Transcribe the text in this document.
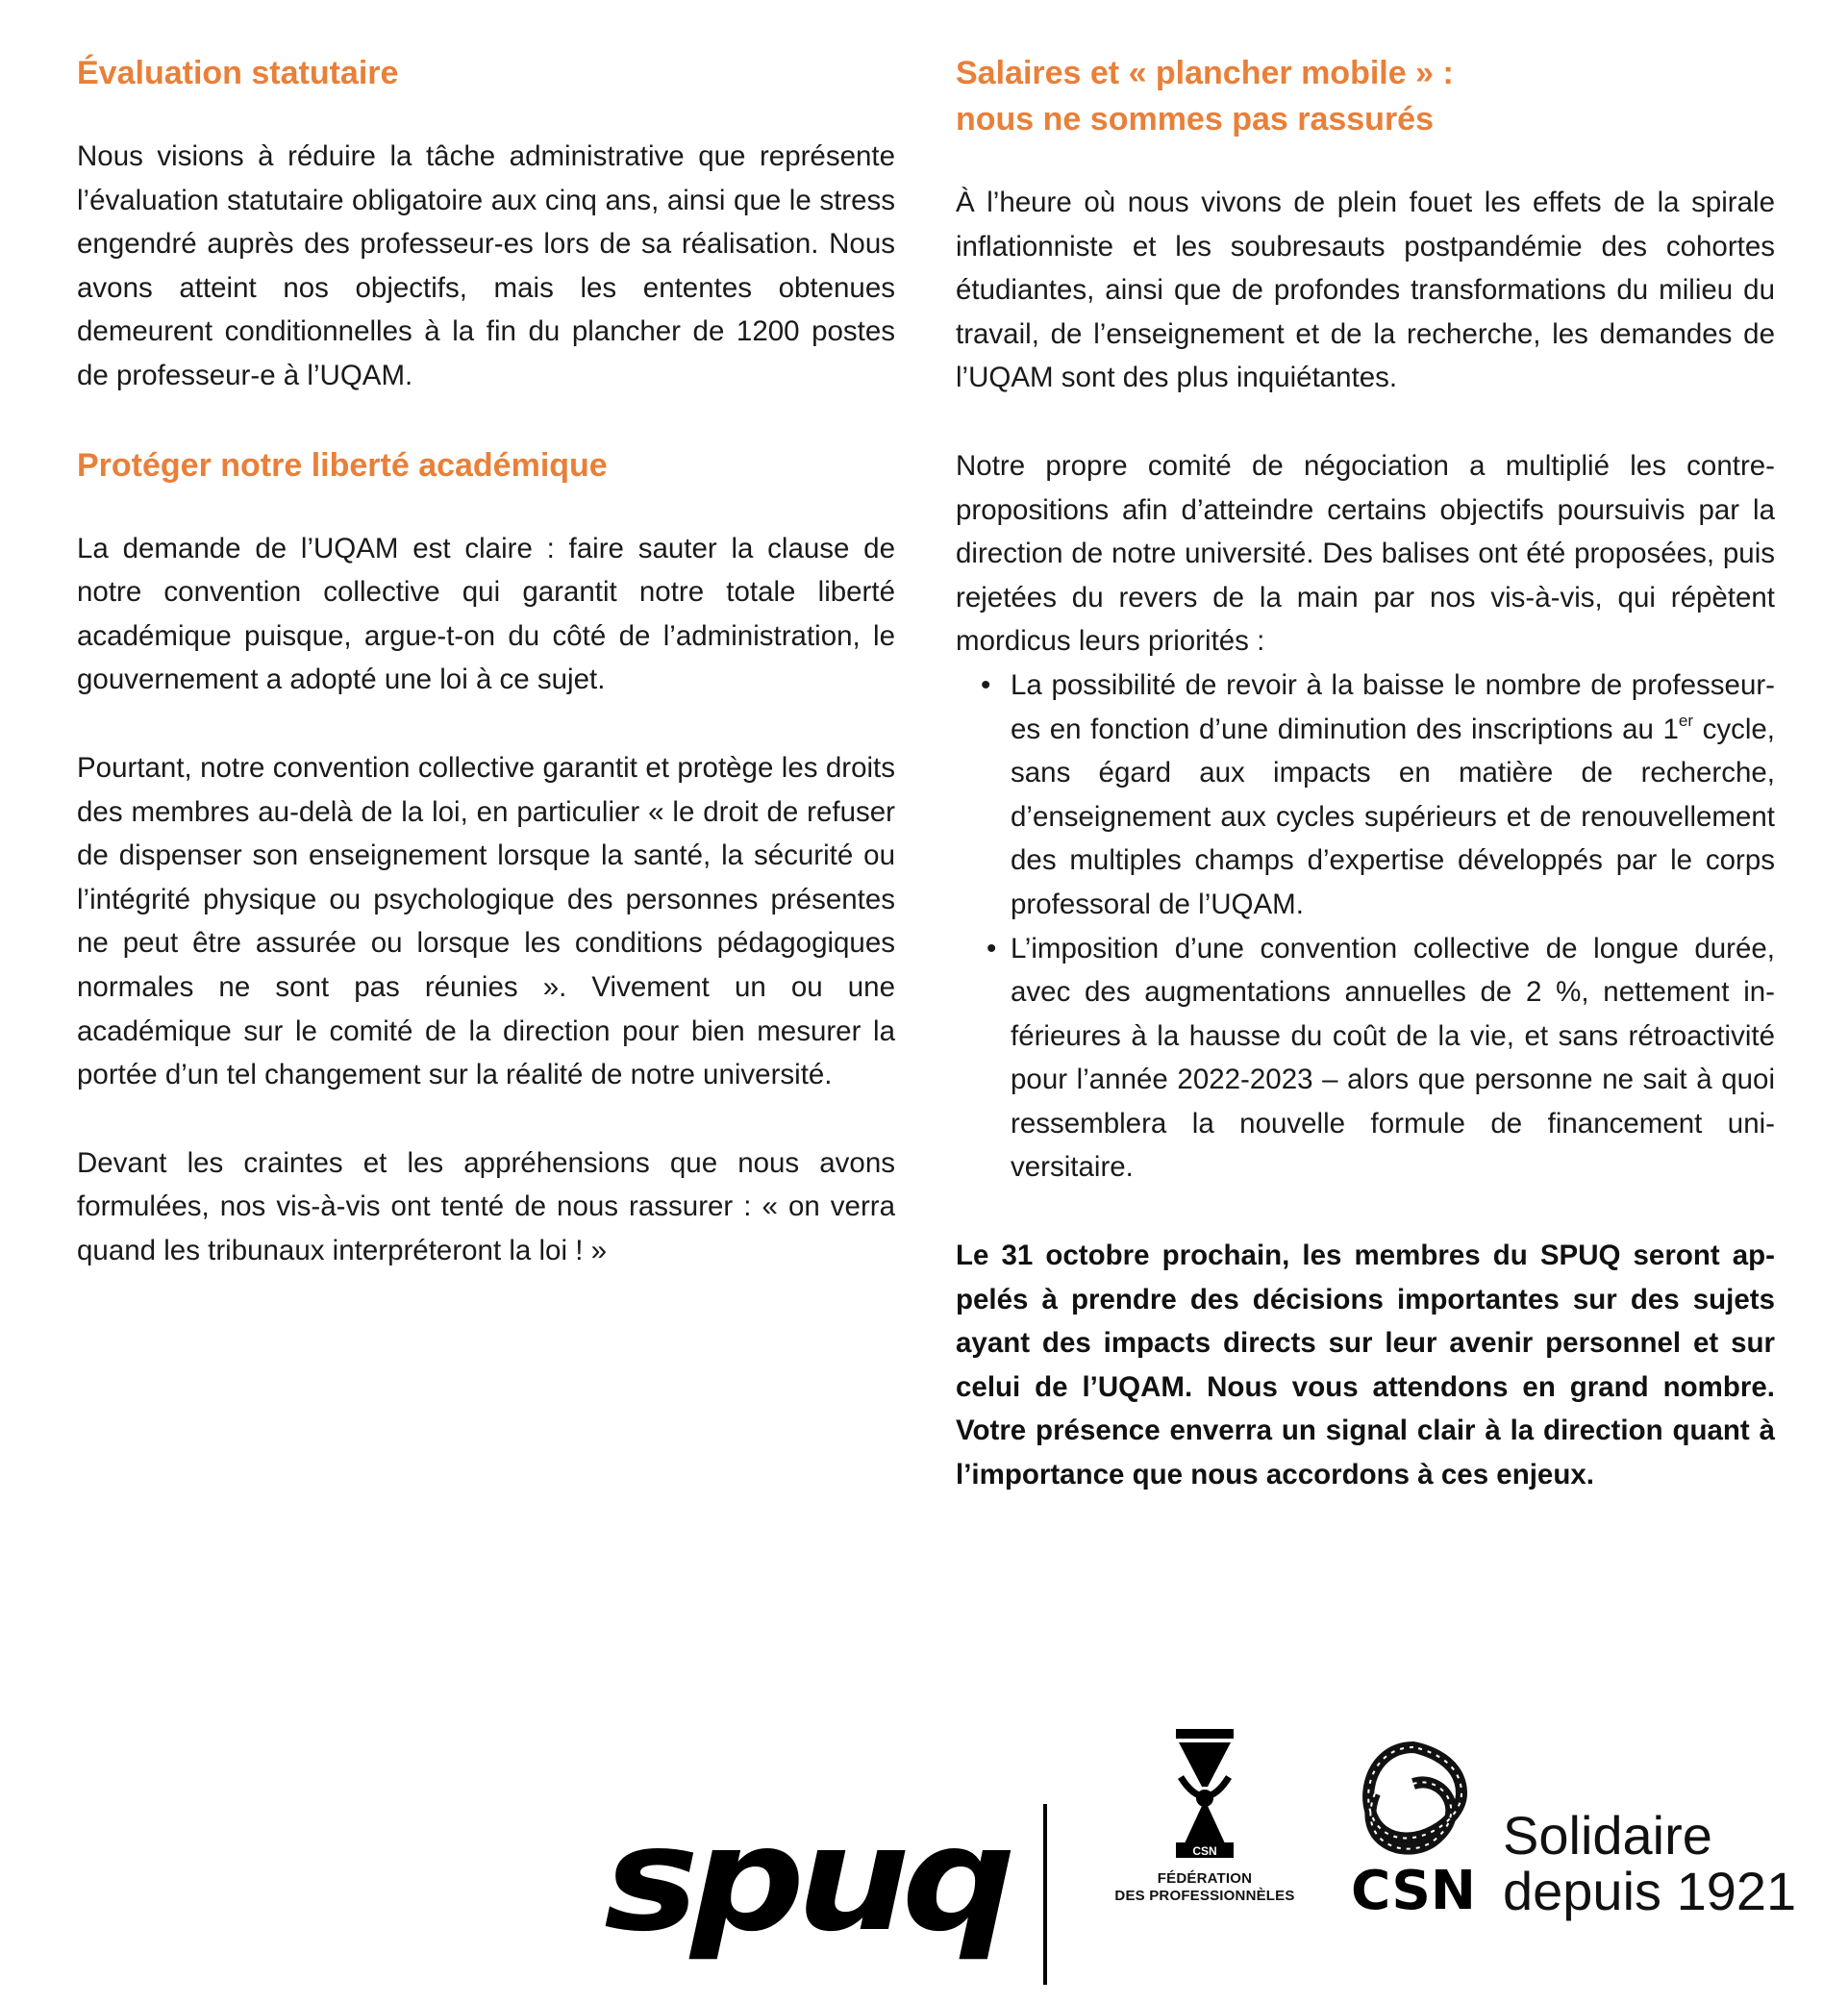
Évaluation statutaire

Nous visions à réduire la tâche administrative que représente l’évaluation statutaire obligatoire aux cinq ans, ainsi que le stress engendré auprès des professeur-es lors de sa réalisation. Nous avons atteint nos objectifs, mais les ententes obtenues demeurent conditionnelles à la fin du plancher de 1200 postes de professeur-e à l’UQAM.

Protéger notre liberté académique

La demande de l’UQAM est claire : faire sauter la clause de notre convention collective qui garantit notre totale liberté académique puisque, argue-t-on du côté de l’administration, le gouvernement a adopté une loi à ce sujet.

Pourtant, notre convention collective garantit et protège les droits des membres au-delà de la loi, en particulier « le droit de refuser de dispenser son enseignement lorsque la santé, la sécurité ou l’intégrité physique ou psychologique des personnes présentes ne peut être assurée ou lorsque les conditions pédagogiques normales ne sont pas réunies ». Vivement un ou une académique sur le comité de la direction pour bien mesurer la portée d’un tel changement sur la réalité de notre université.

Devant les craintes et les appréhensions que nous avons formulées, nos vis-à-vis ont tenté de nous rassurer : « on verra quand les tribunaux interpréteront la loi ! »

Salaires et « plancher mobile » :
nous ne sommes pas rassurés

À l’heure où nous vivons de plein fouet les effets de la spirale inflationniste et les soubresauts postpandémie des cohortes étudiantes, ainsi que de profondes transformations du milieu du travail, de l’enseignement et de la recherche, les demandes de l’UQAM sont des plus inquiétantes.

Notre propre comité de négociation a multiplié les contre-propositions afin d’atteindre certains objectifs poursuivis par la direction de notre université. Des balises ont été proposées, puis rejetées du revers de la main par nos vis-à-vis, qui répètent mordicus leurs priorités :

• La possibilité de revoir à la baisse le nombre de professeur-es en fonction d’une diminution des inscriptions au 1er cycle, sans égard aux impacts en matière de recherche, d’enseignement aux cycles supérieurs et de renouvellement des multiples champs d’expertise développés par le corps professoral de l’UQAM.
• L’imposition d’une convention collective de longue durée, avec des augmentations annuelles de 2 %, nettement inférieures à la hausse du coût de la vie, et sans rétroactivité pour l’année 2022-2023 – alors que personne ne sait à quoi ressemblera la nouvelle formule de financement universitaire.

Le 31 octobre prochain, les membres du SPUQ seront appelés à prendre des décisions importantes sur des sujets ayant des impacts directs sur leur avenir personnel et sur celui de l’UQAM. Nous vous attendons en grand nombre. Votre présence enverra un signal clair à la direction quant à l’importance que nous accordons à ces enjeux.

spuq	CSN
FÉDÉRATION
DES PROFESSIONNÈLES CSN
Solidaire
depuis 1921
